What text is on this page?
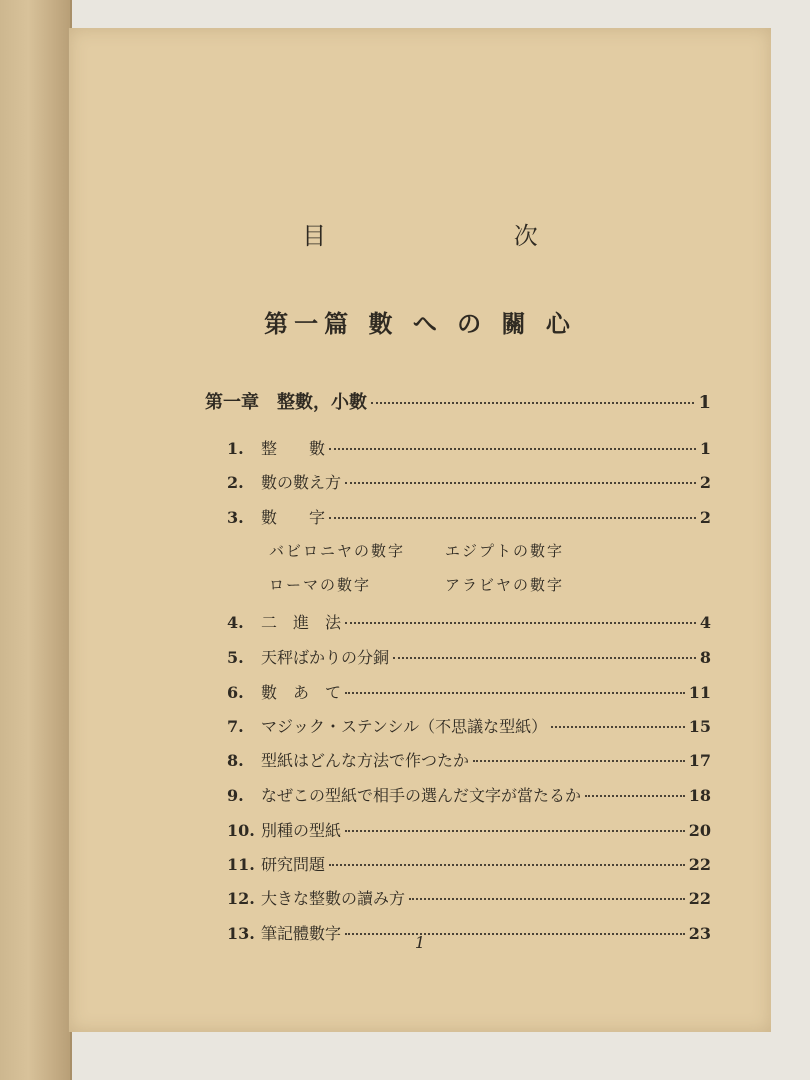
目 次
第一篇 數 へ の 關 心
第一章　整數，小數	1
1.	整　　數	1
2.	數の數え方	2
3.	數　　字	2
バビロニヤの數字	エジプトの數字
ローマの數字	アラビヤの數字
4.	二　進　法	4
5.	天秤ばかりの分銅	8
6.	數　あ　て	11
7.	マジック・ステンシル（不思議な型紙）	15
8.	型紙はどんな方法で作つたか	17
9.	なぜこの型紙で相手の選んだ文字が當たるか	18
10. 別種の型紙	20
11. 研究問題	22
12. 大きな整數の讀み方	22
13. 筆記體數字	23
1
